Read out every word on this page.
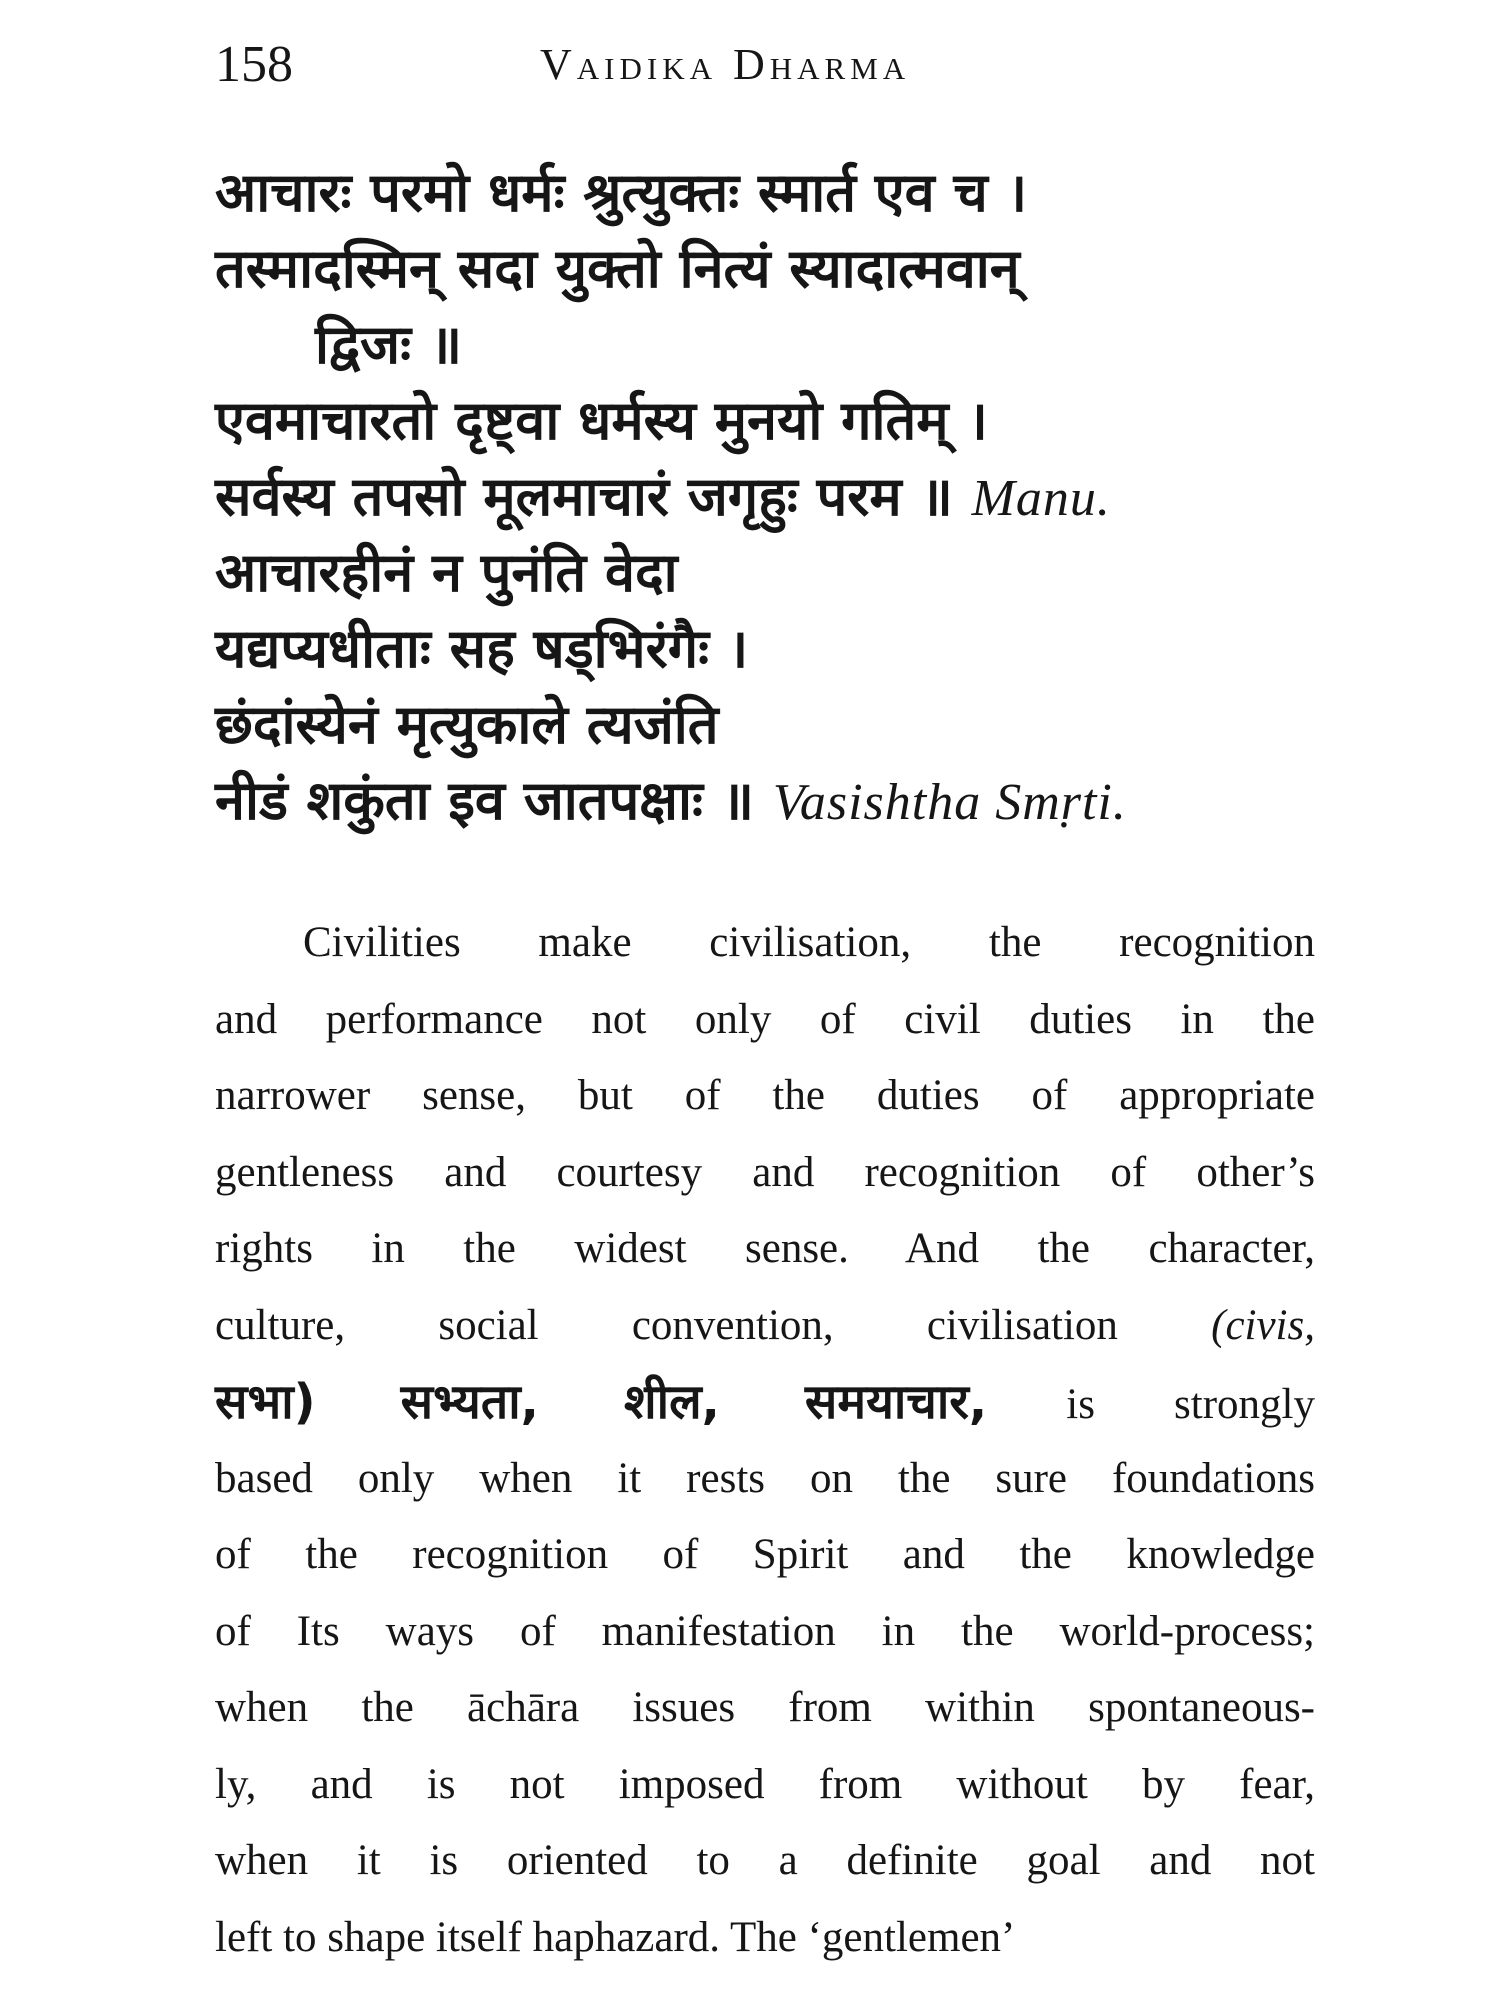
158	Vaidika Dharma
आचारः परमो धर्मः श्रुत्युक्तः स्मार्त एव च ।
तस्मादस्मिन् सदा युक्तो नित्यं स्यादात्मवान्
द्विजः ॥
एवमाचारतो दृष्ट्वा धर्मस्य मुनयो गतिम् ।
सर्वस्य तपसो मूलमाचारं जगृहुः परम ॥ Manu.
आचारहीनं न पुनंति वेदा
यद्यप्यधीताः सह षड्भिरंगैः ।
छंदांस्येनं मृत्युकाले त्यजंति
नीडं शकुंता इव जातपक्षाः ॥ Vasishtha Smṛti.
Civilities make civilisation, the recognition
and performance not only of civil duties in the
narrower sense, but of the duties of appropriate
gentleness and courtesy and recognition of other’s
rights in the widest sense. And the character,
culture, social convention, civilisation (civis,
सभा) सभ्यता, शील, समयाचार, is strongly
based only when it rests on the sure foundations
of the recognition of Spirit and the knowledge
of Its ways of manifestation in the world-process;
when the āchāra issues from within spontaneous-
ly, and is not imposed from without by fear,
when it is oriented to a definite goal and not
left to shape itself haphazard. The ‘gentlemen’
